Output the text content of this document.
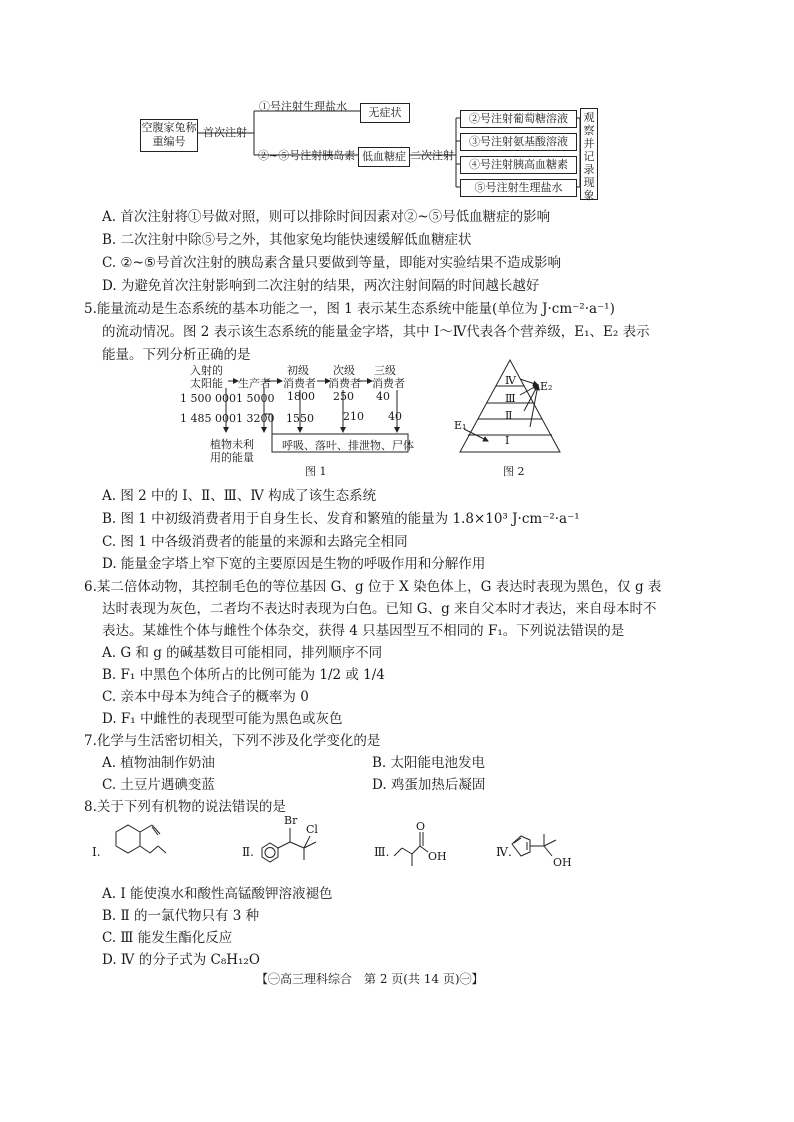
空腹家兔称重编号
首次注射
①号注射生理盐水	无症状
②~⑤号注射胰岛素 低血糖症 二次注射
②号注射葡萄糖溶液
③号注射氨基酸溶液
④号注射胰高血糖素
⑤号注射生理盐水
观察并记录现象
A. 首次注射将①号做对照，则可以排除时间因素对②~⑤号低血糖症的影响
B. 二次注射中除⑤号之外，其他家兔均能快速缓解低血糖症状
C. ②~⑤号首次注射的胰岛素含量只要做到等量，即能对实验结果不造成影响
D. 为避免首次注射影响到二次注射的结果，两次注射间隔的时间越长越好
5.能量流动是生态系统的基本功能之一，图 1 表示某生态系统中能量(单位为 J·cm⁻²·a⁻¹)
的流动情况。图 2 表示该生态系统的能量金字塔，其中 Ⅰ～Ⅳ代表各个营养级，E₁、E₂ 表示
能量。下列分析正确的是
入射的
太阳能 生产者
初级
消费者
次级
消费者
三级
消费者
1 500 000 1 5000 1800 250 40
1 485 000 1 3200 1550	210 40
植物未利
用的能量
呼吸、落叶、排泄物、尸体
图 1
Ⅳ
Ⅲ
Ⅱ
Ⅰ
E₁
E₂
图 2
A. 图 2 中的 Ⅰ、Ⅱ、Ⅲ、Ⅳ 构成了该生态系统
B. 图 1 中初级消费者用于自身生长、发育和繁殖的能量为 1.8×10³ J·cm⁻²·a⁻¹
C. 图 1 中各级消费者的能量的来源和去路完全相同
D. 能量金字塔上窄下宽的主要原因是生物的呼吸作用和分解作用
6.某二倍体动物，其控制毛色的等位基因 G、g 位于 X 染色体上，G 表达时表现为黑色，仅 g 表
达时表现为灰色，二者均不表达时表现为白色。已知 G、g 来自父本时才表达，来自母本时不
表达。某雄性个体与雌性个体杂交，获得 4 只基因型互不相同的 F₁。下列说法错误的是
A. G 和 g 的碱基数目可能相同，排列顺序不同
B. F₁ 中黑色个体所占的比例可能为 1/2 或 1/4
C. 亲本中母本为纯合子的概率为 0
D. F₁ 中雌性的表现型可能为黑色或灰色
7.化学与生活密切相关，下列不涉及化学变化的是
A. 植物油制作奶油	B. 太阳能电池发电
C. 土豆片遇碘变蓝	D. 鸡蛋加热后凝固
8.关于下列有机物的说法错误的是
Ⅰ.	Ⅱ.	Ⅲ.	Ⅳ.
Br
Cl	O
OH	OH
A. Ⅰ 能使溴水和酸性高锰酸钾溶液褪色
B. Ⅱ 的一氯代物只有 3 种
C. Ⅲ 能发生酯化反应
D. Ⅳ 的分子式为 C₈H₁₂O
【㊀高三理科综合　第 2 页(共 14 页)㊀】
